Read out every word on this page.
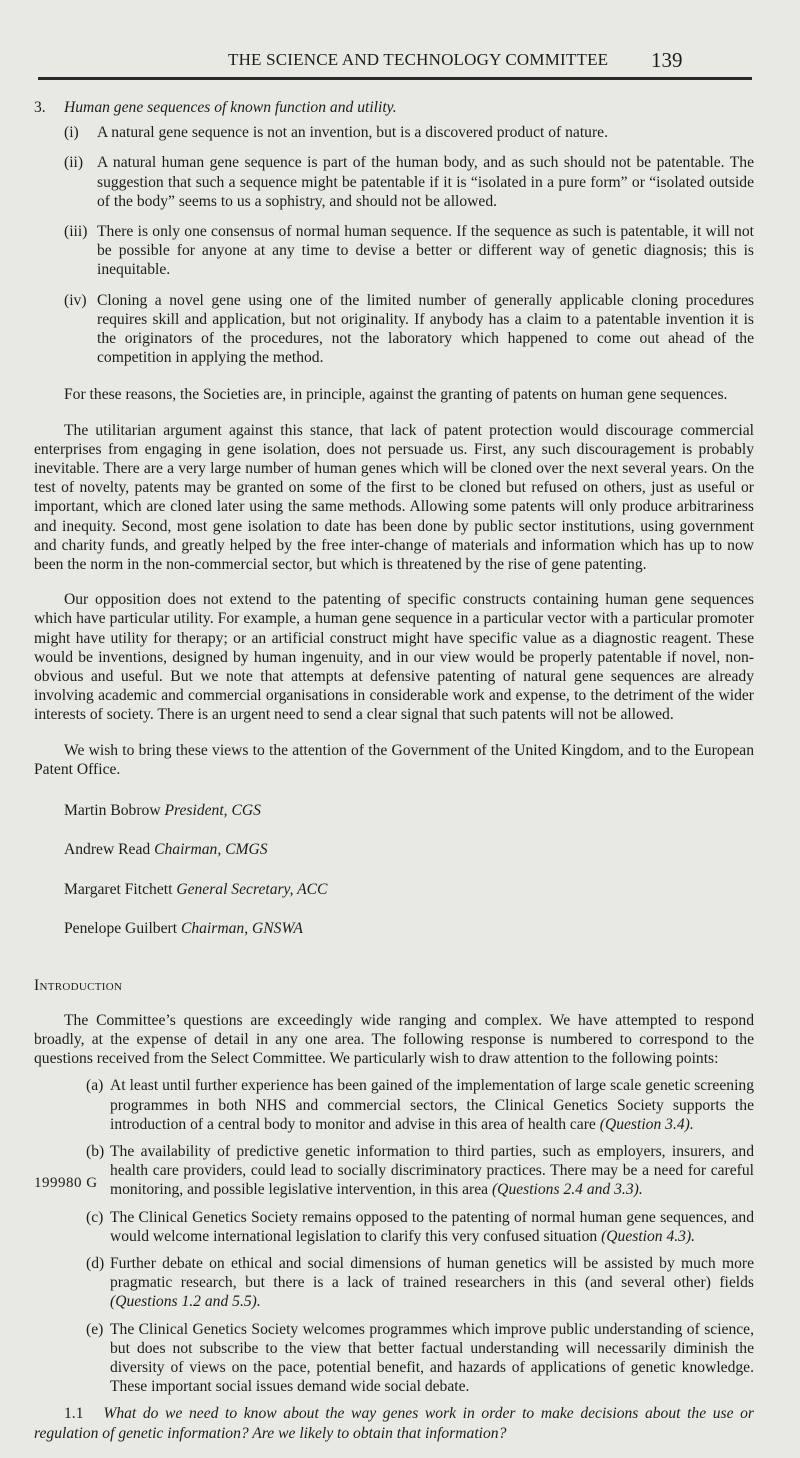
THE SCIENCE AND TECHNOLOGY COMMITTEE 139
3. Human gene sequences of known function and utility.
(i)	A natural gene sequence is not an invention, but is a discovered product of nature.
(ii) A natural human gene sequence is part of the human body, and as such should not be patentable. The suggestion that such a sequence might be patentable if it is “isolated in a pure form” or “isolated outside of the body” seems to us a sophistry, and should not be allowed.
(iii) There is only one consensus of normal human sequence. If the sequence as such is patentable, it will not be possible for anyone at any time to devise a better or different way of genetic diagnosis; this is inequitable.
(iv) Cloning a novel gene using one of the limited number of generally applicable cloning procedures requires skill and application, but not originality. If anybody has a claim to a patentable invention it is the originators of the procedures, not the laboratory which happened to come out ahead of the competition in applying the method.

For these reasons, the Societies are, in principle, against the granting of patents on human gene sequences.

The utilitarian argument against this stance, that lack of patent protection would discourage commercial enterprises from engaging in gene isolation, does not persuade us. First, any such discouragement is probably inevitable. There are a very large number of human genes which will be cloned over the next several years. On the test of novelty, patents may be granted on some of the first to be cloned but refused on others, just as useful or important, which are cloned later using the same methods. Allowing some patents will only produce arbitrariness and inequity. Second, most gene isolation to date has been done by public sector institutions, using government and charity funds, and greatly helped by the free inter-change of materials and information which has up to now been the norm in the non-commercial sector, but which is threatened by the rise of gene patenting.

Our opposition does not extend to the patenting of specific constructs containing human gene sequences which have particular utility. For example, a human gene sequence in a particular vector with a particular promoter might have utility for therapy; or an artificial construct might have specific value as a diagnostic reagent. These would be inventions, designed by human ingenuity, and in our view would be properly patentable if novel, non-obvious and useful. But we note that attempts at defensive patenting of natural gene sequences are already involving academic and commercial organisations in considerable work and expense, to the detriment of the wider interests of society. There is an urgent need to send a clear signal that such patents will not be allowed.

We wish to bring these views to the attention of the Government of the United Kingdom, and to the European Patent Office.

Martin Bobrow President, CGS
Andrew Read Chairman, CMGS
Margaret Fitchett General Secretary, ACC
Penelope Guilbert Chairman, GNSWA
Introduction

The Committee’s questions are exceedingly wide ranging and complex. We have attempted to respond broadly, at the expense of detail in any one area. The following response is numbered to correspond to the questions received from the Select Committee. We particularly wish to draw attention to the following points:

(a) At least until further experience has been gained of the implementation of large scale genetic screening programmes in both NHS and commercial sectors, the Clinical Genetics Society supports the introduction of a central body to monitor and advise in this area of health care (Question 3.4).
(b) The availability of predictive genetic information to third parties, such as employers, insurers, and health care providers, could lead to socially discriminatory practices. There may be a need for careful monitoring, and possible legislative intervention, in this area (Questions 2.4 and 3.3).
(c) The Clinical Genetics Society remains opposed to the patenting of normal human gene sequences, and would welcome international legislation to clarify this very confused situation (Question 4.3).
(d) Further debate on ethical and social dimensions of human genetics will be assisted by much more pragmatic research, but there is a lack of trained researchers in this (and several other) fields (Questions 1.2 and 5.5).
(e) The Clinical Genetics Society welcomes programmes which improve public understanding of science, but does not subscribe to the view that better factual understanding will necessarily diminish the diversity of views on the pace, potential benefit, and hazards of applications of genetic knowledge. These important social issues demand wide social debate.

1.1 What do we need to know about the way genes work in order to make decisions about the use or regulation of genetic information? Are we likely to obtain that information?

199980 G
